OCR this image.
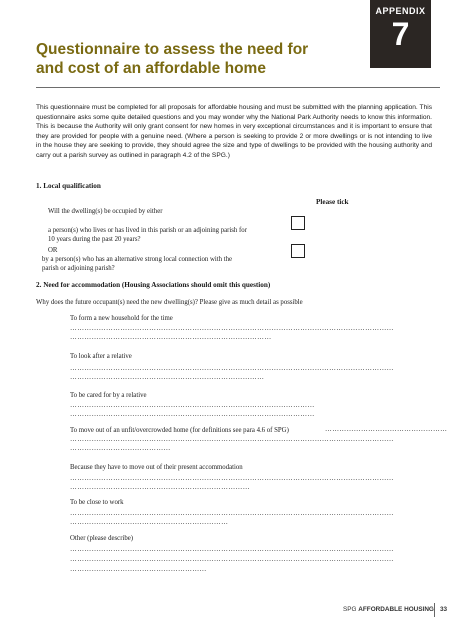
APPENDIX
7
Questionnaire to assess the need for and cost of an affordable home
This questionnaire must be completed for all proposals for affordable housing and must be submitted with the planning application. This questionnaire asks some quite detailed questions and you may wonder why the National Park Authority needs to know this information. This is because the Authority will only grant consent for new homes in very exceptional circumstances and it is important to ensure that they are provided for people with a genuine need. (Where a person is seeking to provide 2 or more dwellings or is not intending to live in the house they are seeking to provide, they should agree the size and type of dwellings to be provided with the housing authority and carry out a parish survey as outlined in paragraph 4.2 of the SPG.)
1. Local qualification
Please tick
Will the dwelling(s) be occupied by either
a person(s) who lives or has lived in this parish or an adjoining parish for 10 years during the past 20 years?
OR
by a person(s) who has an alternative strong local connection with the parish or adjoining parish?
2. Need for accommodation (Housing Associations should omit this question)
Why does the future occupant(s) need the new dwelling(s)? Please give as much detail as possible
To form a new household for the time
………………………………………………………………………………………………………………………
…………………………………………………………………………
To look after a relative
………………………………………………………………………………………………………………………
………………………………………………………………………
To be cared for by a relative
…………………………………………………………………………………………
…………………………………………………………………………………………
To move out of an unfit/overcrowded home (for definitions see para 4.6 of SPG)	……………………………………………
………………………………………………………………………………………………………………………
……………………………………
Because they have to move out of their present accommodation
………………………………………………………………………………………………………………………
…………………………………………………………………
To be close to work
………………………………………………………………………………………………………………………
…………………………………………………………
Other (please describe)
………………………………………………………………………………………………………………………
………………………………………………………………………………………………………………………
…………………………………………………
SPG AFFORDABLE HOUSING 33
